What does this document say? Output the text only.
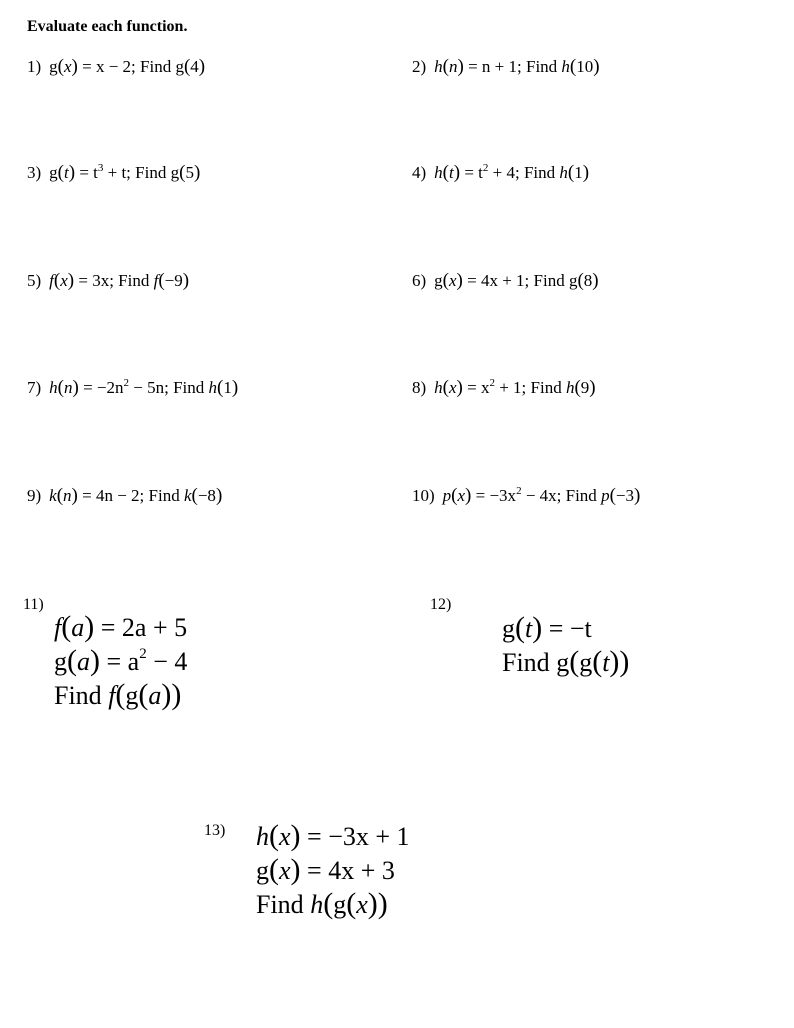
Evaluate each function.
1) g(x) = x − 2; Find g(4)	2) h(n) = n + 1; Find h(10)
3) $g(t) = t^3 + t$; Find g(5)	4) $h(t) = t^2 + 4$; Find h(1)
5) f(x) = 3x; Find f(−9)	6) g(x) = 4x + 1; Find g(8)
7) $h(n) = -2n^2 - 5n$; Find h(1)	8) $h(x) = x^2 + 1$; Find h(9)
9) k(n) = 4n − 2; Find k(−8)	10) $p(x) = -3x^2 - 4x$; Find p(−3)
11)
f(a) = 2a + 5
$g(a) = a^2 - 4$
Find f(g(a))
12)
g(t) = −t
Find g(g(t))
13) h(x) = −3x + 1
g(x) = 4x + 3
Find h(g(x))
